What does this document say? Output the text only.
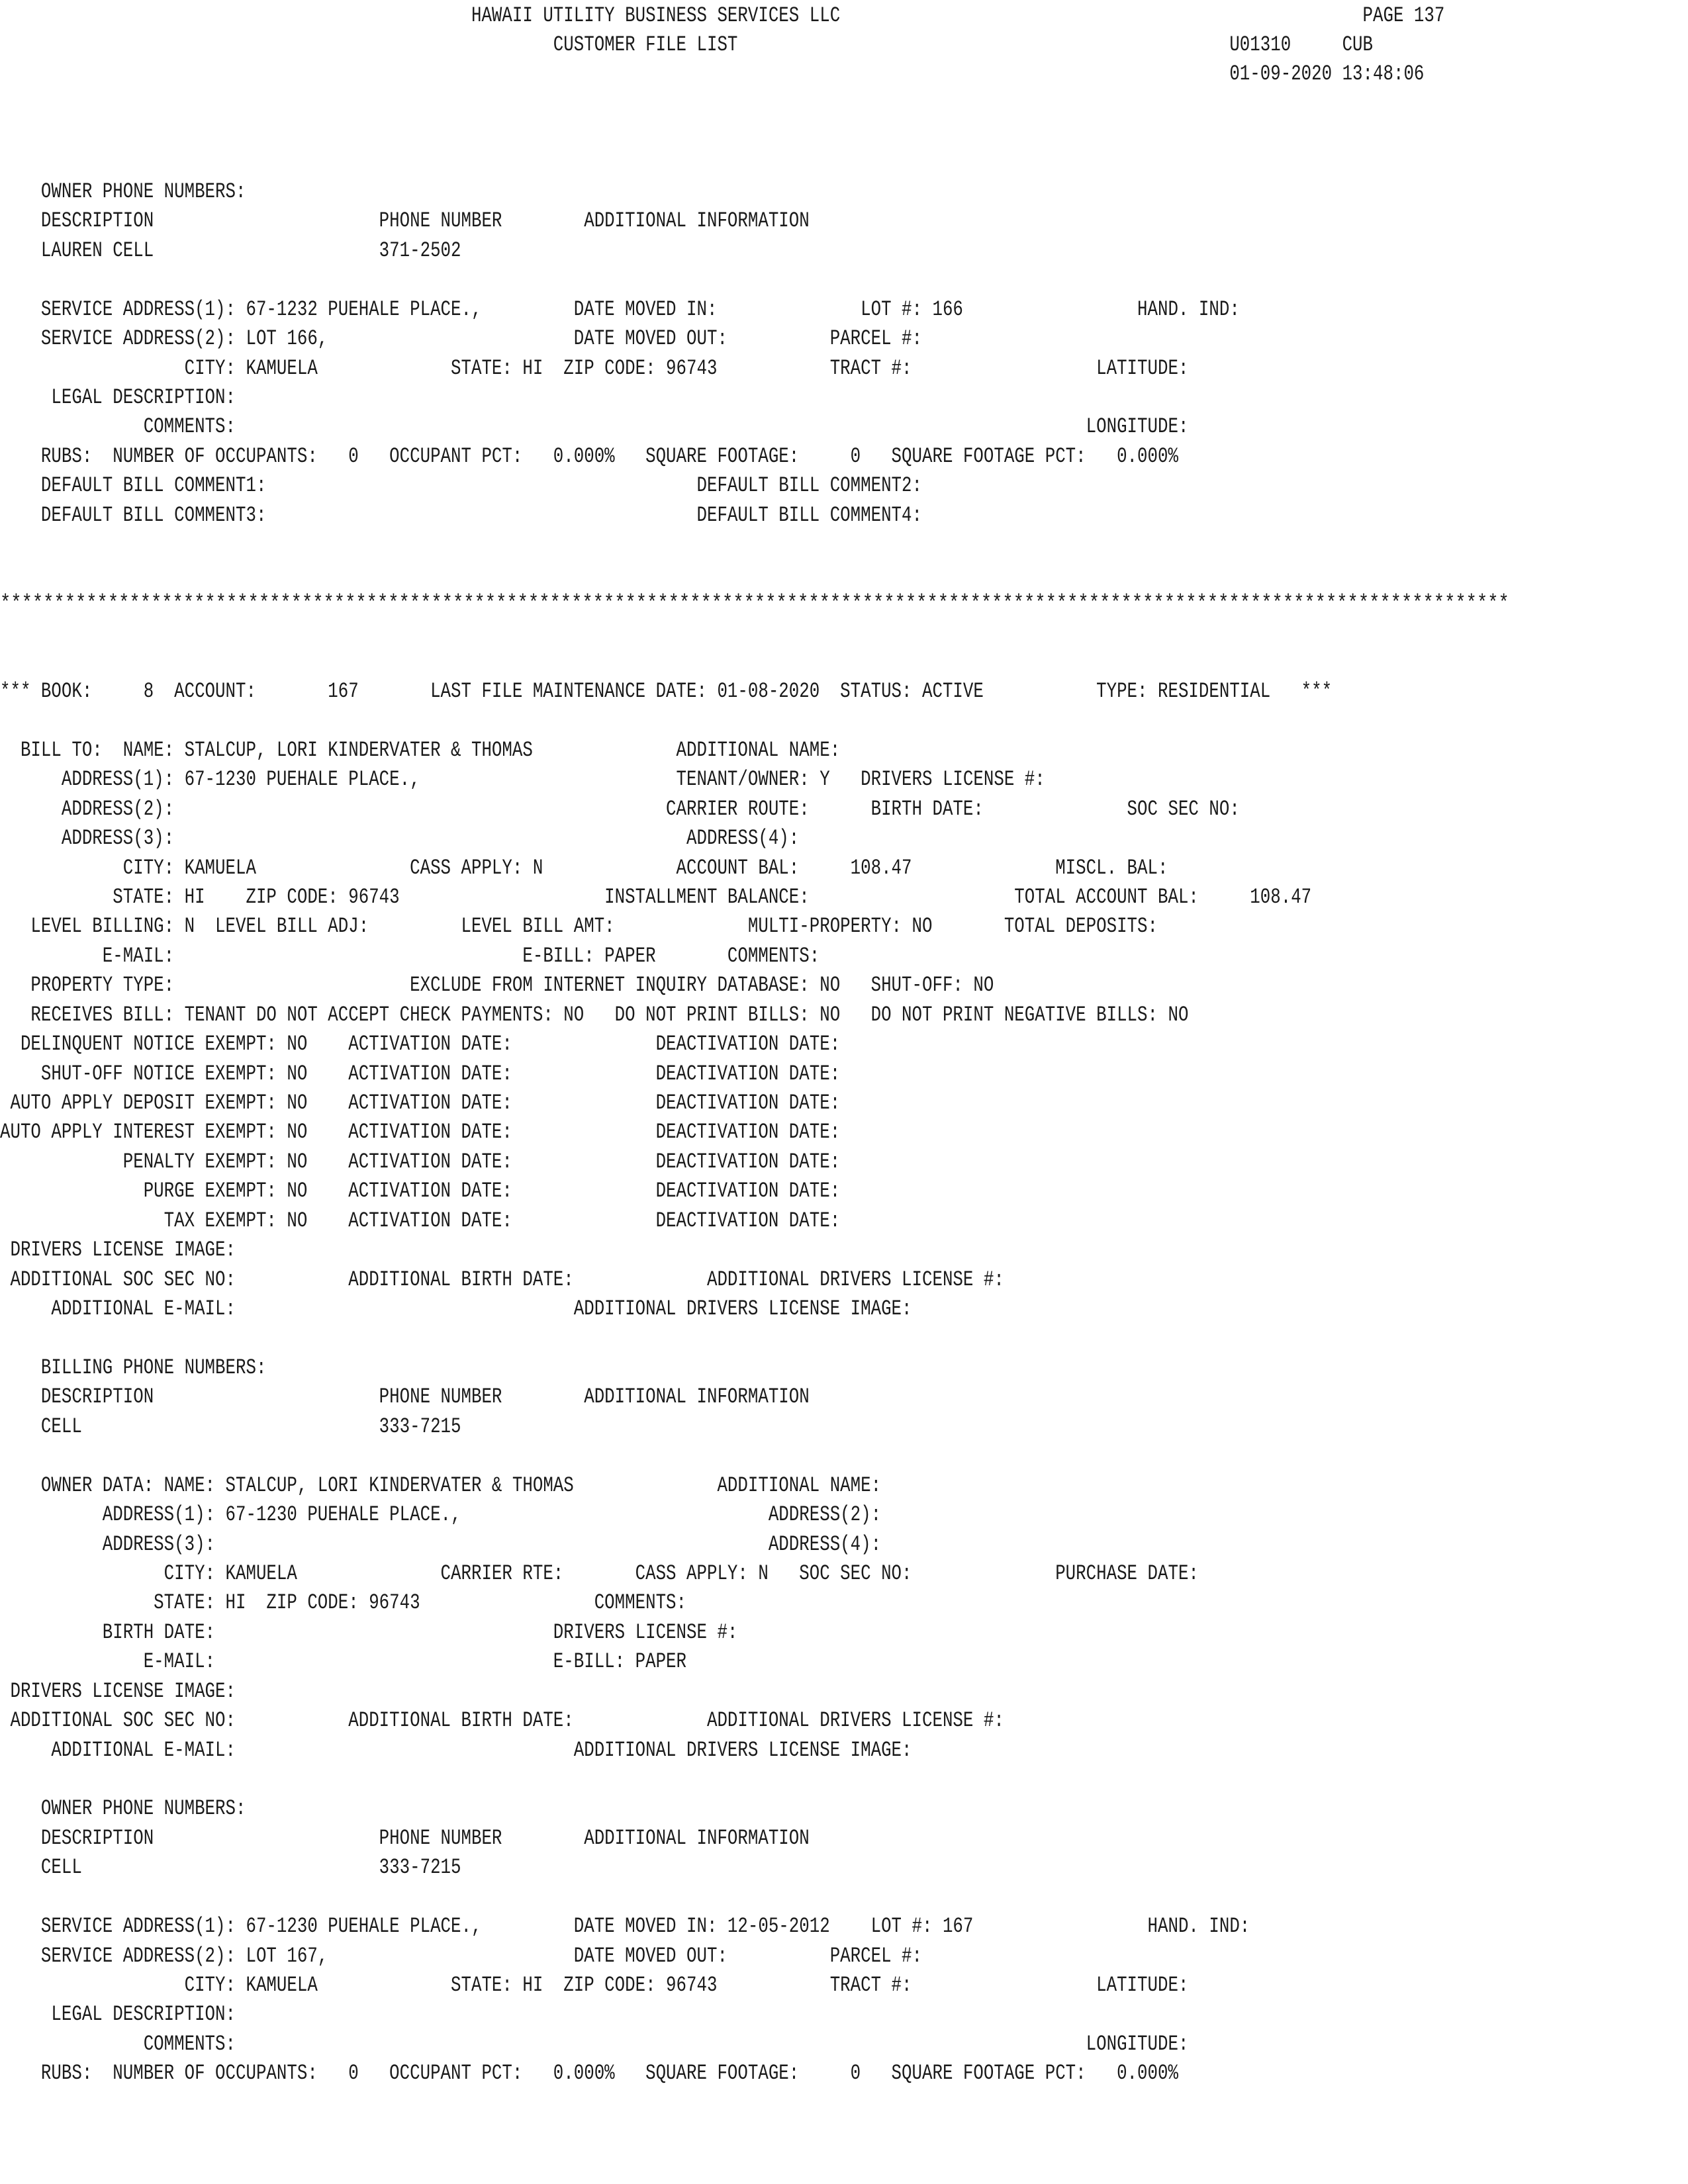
HAWAII UTILITY BUSINESS SERVICES LLC                                                   PAGE 137
CUSTOMER FILE LIST                                                U01310     CUB
01-09-2020 13:48:06
OWNER PHONE NUMBERS:
DESCRIPTION                      PHONE NUMBER        ADDITIONAL INFORMATION
LAUREN CELL                      371-2502
SERVICE ADDRESS(1): 67-1232 PUEHALE PLACE.,         DATE MOVED IN:              LOT #: 166                 HAND. IND:
SERVICE ADDRESS(2): LOT 166,                        DATE MOVED OUT:          PARCEL #:
CITY: KAMUELA             STATE: HI  ZIP CODE: 96743           TRACT #:                  LATITUDE:
LEGAL DESCRIPTION:
COMMENTS:                                                                                   LONGITUDE:
RUBS:  NUMBER OF OCCUPANTS:   0   OCCUPANT PCT:   0.000%   SQUARE FOOTAGE:     0   SQUARE FOOTAGE PCT:   0.000%
DEFAULT BILL COMMENT1:                                          DEFAULT BILL COMMENT2:
DEFAULT BILL COMMENT3:                                          DEFAULT BILL COMMENT4:
********************************************************************************************************************************************
*** BOOK:     8  ACCOUNT:       167       LAST FILE MAINTENANCE DATE: 01-08-2020  STATUS: ACTIVE           TYPE: RESIDENTIAL   ***
BILL TO:  NAME: STALCUP, LORI KINDERVATER & THOMAS              ADDITIONAL NAME:
ADDRESS(1): 67-1230 PUEHALE PLACE.,                         TENANT/OWNER: Y   DRIVERS LICENSE #:
ADDRESS(2):                                                CARRIER ROUTE:      BIRTH DATE:              SOC SEC NO:
ADDRESS(3):                                                  ADDRESS(4):
CITY: KAMUELA               CASS APPLY: N             ACCOUNT BAL:     108.47              MISCL. BAL:
STATE: HI    ZIP CODE: 96743                    INSTALLMENT BALANCE:                    TOTAL ACCOUNT BAL:     108.47
LEVEL BILLING: N  LEVEL BILL ADJ:         LEVEL BILL AMT:             MULTI-PROPERTY: NO       TOTAL DEPOSITS:
E-MAIL:                                  E-BILL: PAPER       COMMENTS:
PROPERTY TYPE:                       EXCLUDE FROM INTERNET INQUIRY DATABASE: NO   SHUT-OFF: NO
RECEIVES BILL: TENANT DO NOT ACCEPT CHECK PAYMENTS: NO   DO NOT PRINT BILLS: NO   DO NOT PRINT NEGATIVE BILLS: NO
DELINQUENT NOTICE EXEMPT: NO    ACTIVATION DATE:              DEACTIVATION DATE:
SHUT-OFF NOTICE EXEMPT: NO    ACTIVATION DATE:              DEACTIVATION DATE:
AUTO APPLY DEPOSIT EXEMPT: NO    ACTIVATION DATE:              DEACTIVATION DATE:
AUTO APPLY INTEREST EXEMPT: NO    ACTIVATION DATE:              DEACTIVATION DATE:
PENALTY EXEMPT: NO    ACTIVATION DATE:              DEACTIVATION DATE:
PURGE EXEMPT: NO    ACTIVATION DATE:              DEACTIVATION DATE:
TAX EXEMPT: NO    ACTIVATION DATE:              DEACTIVATION DATE:
DRIVERS LICENSE IMAGE:
ADDITIONAL SOC SEC NO:           ADDITIONAL BIRTH DATE:             ADDITIONAL DRIVERS LICENSE #:
ADDITIONAL E-MAIL:                                 ADDITIONAL DRIVERS LICENSE IMAGE:
BILLING PHONE NUMBERS:
DESCRIPTION                      PHONE NUMBER        ADDITIONAL INFORMATION
CELL                             333-7215
OWNER DATA: NAME: STALCUP, LORI KINDERVATER & THOMAS              ADDITIONAL NAME:
ADDRESS(1): 67-1230 PUEHALE PLACE.,                              ADDRESS(2):
ADDRESS(3):                                                      ADDRESS(4):
CITY: KAMUELA              CARRIER RTE:       CASS APPLY: N   SOC SEC NO:              PURCHASE DATE:
STATE: HI  ZIP CODE: 96743                 COMMENTS:
BIRTH DATE:                                 DRIVERS LICENSE #:
E-MAIL:                                 E-BILL: PAPER
DRIVERS LICENSE IMAGE:
ADDITIONAL SOC SEC NO:           ADDITIONAL BIRTH DATE:             ADDITIONAL DRIVERS LICENSE #:
ADDITIONAL E-MAIL:                                 ADDITIONAL DRIVERS LICENSE IMAGE:
OWNER PHONE NUMBERS:
DESCRIPTION                      PHONE NUMBER        ADDITIONAL INFORMATION
CELL                             333-7215
SERVICE ADDRESS(1): 67-1230 PUEHALE PLACE.,         DATE MOVED IN: 12-05-2012    LOT #: 167                 HAND. IND:
SERVICE ADDRESS(2): LOT 167,                        DATE MOVED OUT:          PARCEL #:
CITY: KAMUELA             STATE: HI  ZIP CODE: 96743           TRACT #:                  LATITUDE:
LEGAL DESCRIPTION:
COMMENTS:                                                                                   LONGITUDE:
RUBS:  NUMBER OF OCCUPANTS:   0   OCCUPANT PCT:   0.000%   SQUARE FOOTAGE:     0   SQUARE FOOTAGE PCT:   0.000%
